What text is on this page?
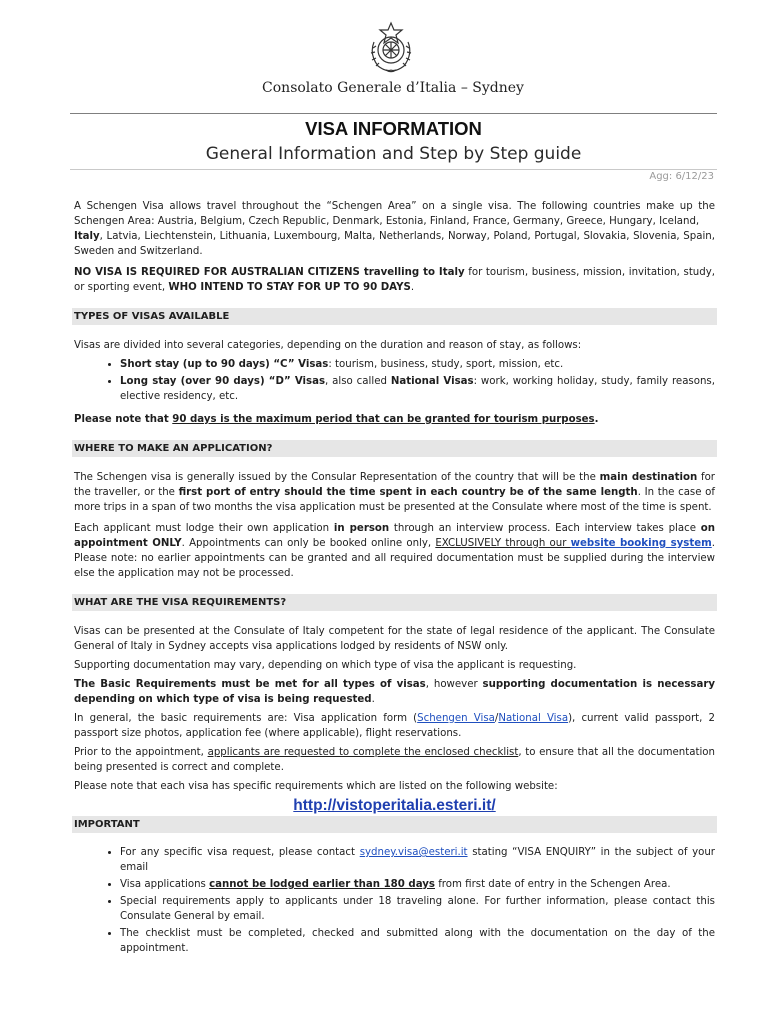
Consolato Generale d’Italia – Sydney
VISA INFORMATION
General Information and Step by Step guide
Agg: 6/12/23

A Schengen Visa allows travel throughout the “Schengen Area” on a single visa. The following countries make up the Schengen Area: Austria, Belgium, Czech Republic, Denmark, Estonia, Finland, France, Germany, Greece, Hungary, Iceland,
Italy, Latvia, Liechtenstein, Lithuania, Luxembourg, Malta, Netherlands, Norway, Poland, Portugal, Slovakia, Slovenia, Spain, Sweden and Switzerland.

NO VISA IS REQUIRED FOR AUSTRALIAN CITIZENS travelling to Italy for tourism, business, mission, invitation, study, or sporting event, WHO INTEND TO STAY FOR UP TO 90 DAYS.

TYPES OF VISAS AVAILABLE

Visas are divided into several categories, depending on the duration and reason of stay, as follows:

• Short stay (up to 90 days) “C” Visas: tourism, business, study, sport, mission, etc.
• Long stay (over 90 days) “D” Visas, also called National Visas: work, working holiday, study, family reasons, elective residency, etc.

Please note that 90 days is the maximum period that can be granted for tourism purposes.

WHERE TO MAKE AN APPLICATION?

The Schengen visa is generally issued by the Consular Representation of the country that will be the main destination for the traveller, or the first port of entry should the time spent in each country be of the same length. In the case of more trips in a span of two months the visa application must be presented at the Consulate where most of the time is spent.

Each applicant must lodge their own application in person through an interview process. Each interview takes place on appointment ONLY. Appointments can only be booked online only, EXCLUSIVELY through our website booking system. Please note: no earlier appointments can be granted and all required documentation must be supplied during the interview else the application may not be processed.

WHAT ARE THE VISA REQUIREMENTS?

Visas can be presented at the Consulate of Italy competent for the state of legal residence of the applicant. The Consulate General of Italy in Sydney accepts visa applications lodged by residents of NSW only.

Supporting documentation may vary, depending on which type of visa the applicant is requesting.

The Basic Requirements must be met for all types of visas, however supporting documentation is necessary depending on which type of visa is being requested.

In general, the basic requirements are: Visa application form (Schengen Visa/National Visa), current valid passport, 2 passport size photos, application fee (where applicable), flight reservations.

Prior to the appointment, applicants are requested to complete the enclosed checklist, to ensure that all the documentation being presented is correct and complete.

Please note that each visa has specific requirements which are listed on the following website:

http://vistoperitalia.esteri.it/
IMPORTANT
• For any specific visa request, please contact sydney.visa@esteri.it stating “VISA ENQUIRY” in the subject of your email
• Visa applications cannot be lodged earlier than 180 days from first date of entry in the Schengen Area.
• Special requirements apply to applicants under 18 traveling alone. For further information, please contact this Consulate General by email.
• The checklist must be completed, checked and submitted along with the documentation on the day of the appointment.
